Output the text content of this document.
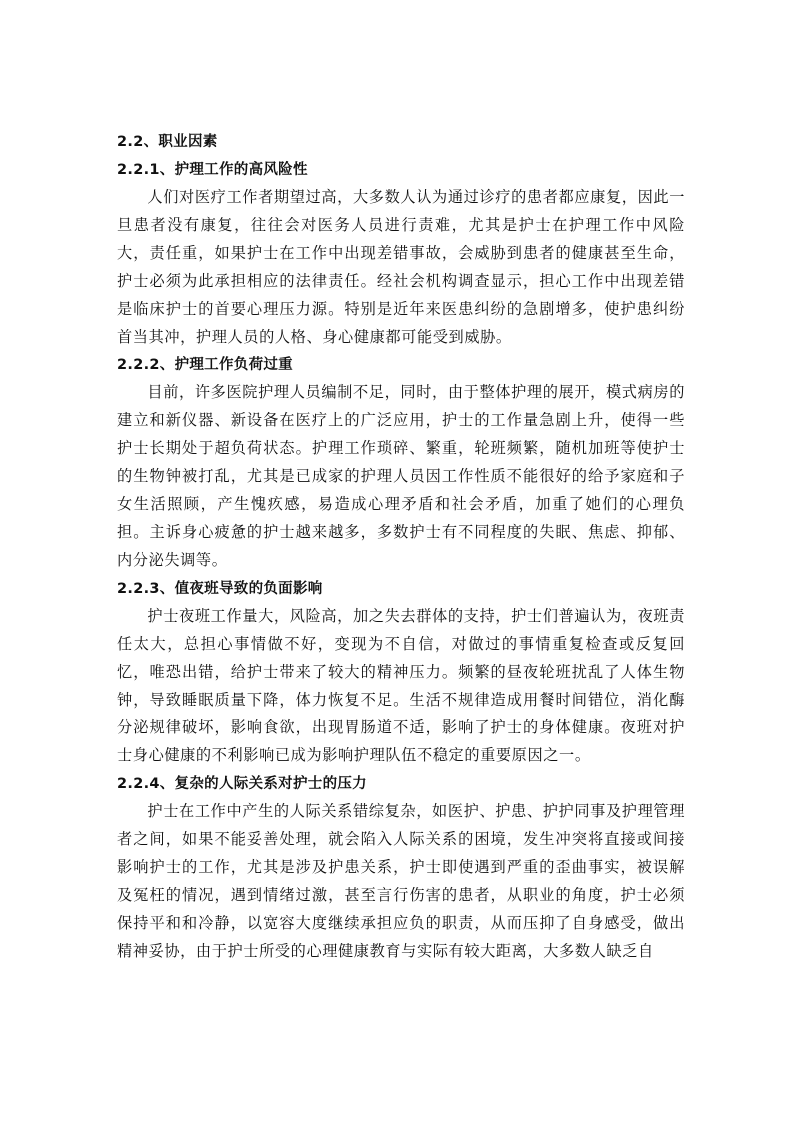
2.2、职业因素
2.2.1、护理工作的高风险性

人们对医疗工作者期望过高，大多数人认为通过诊疗的患者都应康复，因此一旦患者没有康复，往往会对医务人员进行责难，尤其是护士在护理工作中风险大，责任重，如果护士在工作中出现差错事故，会威胁到患者的健康甚至生命，护士必须为此承担相应的法律责任。经社会机构调查显示，担心工作中出现差错是临床护士的首要心理压力源。特别是近年来医患纠纷的急剧增多，使护患纠纷首当其冲，护理人员的人格、身心健康都可能受到威胁。

2.2.2、护理工作负荷过重

目前，许多医院护理人员编制不足，同时，由于整体护理的展开，模式病房的建立和新仪器、新设备在医疗上的广泛应用，护士的工作量急剧上升，使得一些护士长期处于超负荷状态。护理工作琐碎、繁重，轮班频繁，随机加班等使护士的生物钟被打乱，尤其是已成家的护理人员因工作性质不能很好的给予家庭和子女生活照顾，产生愧疚感，易造成心理矛盾和社会矛盾，加重了她们的心理负担。主诉身心疲惫的护士越来越多，多数护士有不同程度的失眠、焦虑、抑郁、内分泌失调等。

2.2.3、值夜班导致的负面影响

护士夜班工作量大，风险高，加之失去群体的支持，护士们普遍认为，夜班责任太大，总担心事情做不好，变现为不自信，对做过的事情重复检查或反复回忆，唯恐出错，给护士带来了较大的精神压力。频繁的昼夜轮班扰乱了人体生物钟，导致睡眠质量下降，体力恢复不足。生活不规律造成用餐时间错位，消化酶分泌规律破坏，影响食欲，出现胃肠道不适，影响了护士的身体健康。夜班对护士身心健康的不利影响已成为影响护理队伍不稳定的重要原因之一。

2.2.4、复杂的人际关系对护士的压力

护士在工作中产生的人际关系错综复杂，如医护、护患、护护同事及护理管理者之间，如果不能妥善处理，就会陷入人际关系的困境，发生冲突将直接或间接影响护士的工作，尤其是涉及护患关系，护士即使遇到严重的歪曲事实，被误解及冤枉的情况，遇到情绪过激，甚至言行伤害的患者，从职业的角度，护士必须保持平和和冷静，以宽容大度继续承担应负的职责，从而压抑了自身感受，做出精神妥协，由于护士所受的心理健康教育与实际有较大距离，大多数人缺乏自
